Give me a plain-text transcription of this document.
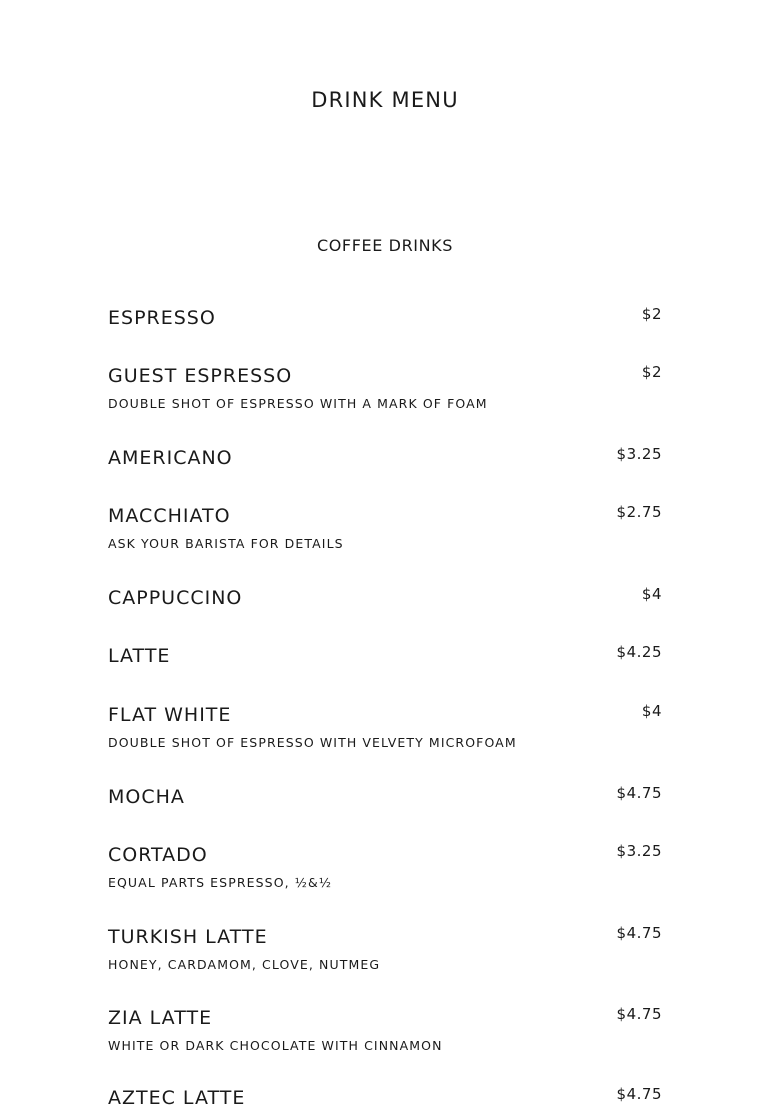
DRINK MENU
COFFEE DRINKS
ESPRESSO	$2
GUEST ESPRESSO	$2
DOUBLE SHOT OF ESPRESSO WITH A MARK OF FOAM
AMERICANO	$3.25
MACCHIATO	$2.75
ASK YOUR BARISTA FOR DETAILS
CAPPUCCINO	$4
LATTE	$4.25
FLAT WHITE	$4
DOUBLE SHOT OF ESPRESSO WITH VELVETY MICROFOAM
MOCHA	$4.75
CORTADO	$3.25
EQUAL PARTS ESPRESSO, ½&½
TURKISH LATTE	$4.75
HONEY, CARDAMOM, CLOVE, NUTMEG
ZIA LATTE	$4.75
WHITE OR DARK CHOCOLATE WITH CINNAMON
AZTEC LATTE	$4.75
